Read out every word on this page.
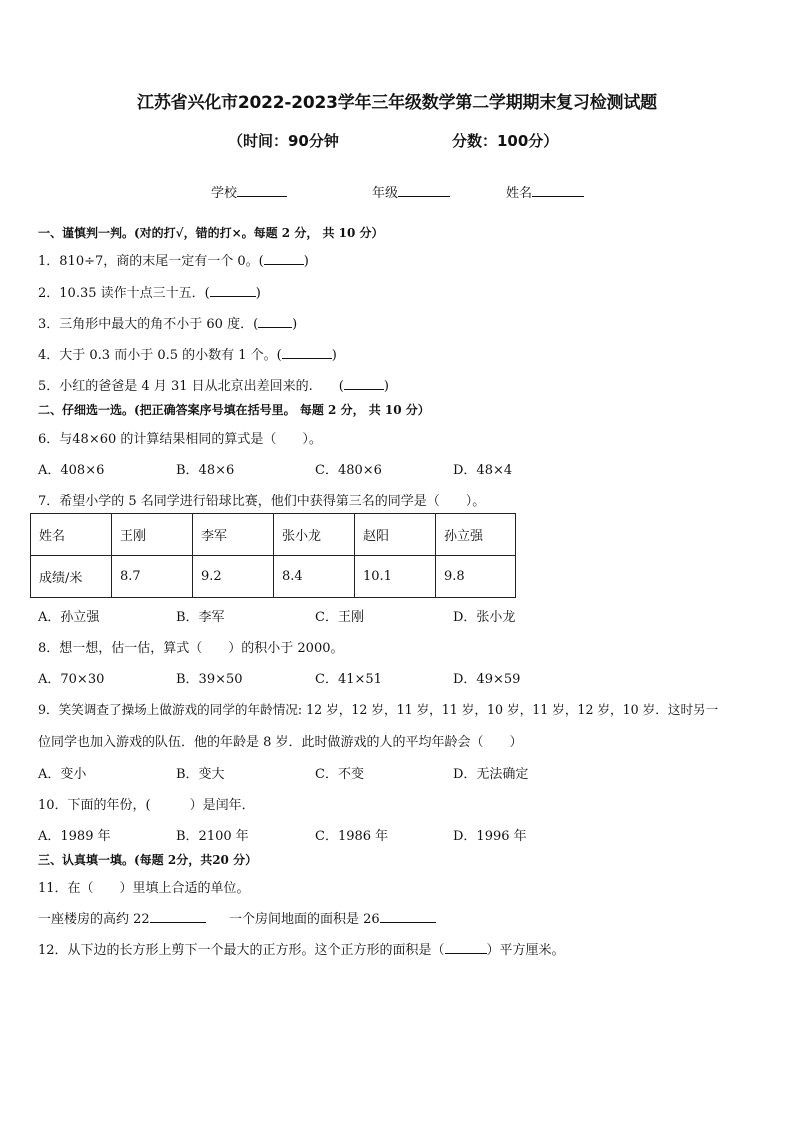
江苏省兴化市2022-2023学年三年级数学第二学期期末复习检测试题
（时间：90分钟	分数：100分）
学校	年级	姓名
一、谨慎判一判。(对的打√，错的打×。每题 2 分， 共 10 分）
1．810÷7，商的末尾一定有一个 0。(	)
2．10.35 读作十点三十五．(	)
3．三角形中最大的角不小于 60 度．(	)
4．大于 0.3 而小于 0.5 的小数有 1 个。(	)
5．小红的爸爸是 4 月 31 日从北京出差回来的.　　(	)
二、仔细选一选。(把正确答案序号填在括号里。 每题 2 分， 共 10 分）
6．与48×60 的计算结果相同的算式是（　　）。
A．408×6	B．48×6	C．480×6	D．48×4
7．希望小学的 5 名同学进行铅球比赛，他们中获得第三名的同学是（　　）。
姓名	王刚	李军	张小龙	赵阳	孙立强
成绩/米	8.7	9.2	8.4	10.1	9.8
A．孙立强	B．李军	C．王刚	D．张小龙
8．想一想，估一估，算式（　　）的积小于 2000。
A．70×30	B．39×50	C．41×51	D．49×59
9．笑笑调查了操场上做游戏的同学的年龄情况: 12 岁，12 岁，11 岁，11 岁，10 岁，11 岁，12 岁，10 岁．这时另一
位同学也加入游戏的队伍．他的年龄是 8 岁．此时做游戏的人的平均年龄会（　　）
A．变小	B．变大	C．不变	D．无法确定
10．下面的年份，(　　　）是闰年．
A．1989 年	B．2100 年	C．1986 年	D．1996 年
三、认真填一填。(每题 2分，共20 分）
11．在（　　）里填上合适的单位。
一座楼房的高约 22	一个房间地面的面积是 26
12．从下边的长方形上剪下一个最大的正方形。这个正方形的面积是（	）平方厘米。
